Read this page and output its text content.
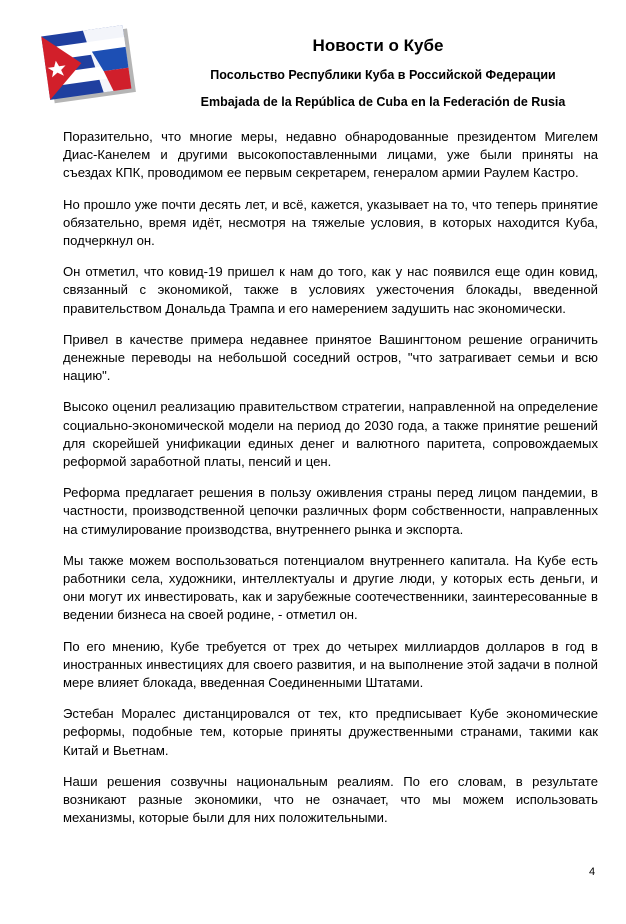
Новости о Кубе
Посольство Республики Куба в Российской Федерации
Embajada de la República de Cuba en la Federación de Rusia

Поразительно, что многие меры, недавно обнародованные президентом Мигелем Диас-Канелем и другими высокопоставленными лицами, уже были приняты на съездах КПК, проводимом ее первым секретарем, генералом армии Раулем Кастро.

Но прошло уже почти десять лет, и всё, кажется, указывает на то, что теперь принятие обязательно, время идёт, несмотря на тяжелые условия, в которых находится Куба, подчеркнул он.

Он отметил, что ковид-19 пришел к нам до того, как у нас появился еще один ковид, связанный с экономикой, также в условиях ужесточения блокады, введенной правительством Дональда Трампа и его намерением задушить нас экономически.

Привел в качестве примера недавнее принятое Вашингтоном решение ограничить денежные переводы на небольшой соседний остров, "что затрагивает семьи и всю нацию".

Высоко оценил реализацию правительством стратегии, направленной на определение социально-экономической модели на период до 2030 года, а также принятие решений для скорейшей унификации единых денег и валютного паритета, сопровождаемых реформой заработной платы, пенсий и цен.

Реформа предлагает решения в пользу оживления страны перед лицом пандемии, в частности, производственной цепочки различных форм собственности, направленных на стимулирование производства, внутреннего рынка и экспорта.

Мы также можем воспользоваться потенциалом внутреннего капитала. На Кубе есть работники села, художники, интеллектуалы и другие люди, у которых есть деньги, и они могут их инвестировать, как и зарубежные соотечественники, заинтересованные в ведении бизнеса на своей родине, - отметил он.

По его мнению, Кубе требуется от трех до четырех миллиардов долларов в год в иностранных инвестициях для своего развития, и на выполнение этой задачи в полной мере влияет блокада, введенная Соединенными Штатами.

Эстебан Моралес дистанцировался от тех, кто предписывает Кубе экономические реформы, подобные тем, которые приняты дружественными странами, такими как Китай и Вьетнам.

Наши решения созвучны национальным реалиям. По его словам, в результате возникают разные экономики, что не означает, что мы можем использовать механизмы, которые были для них положительными.

4
